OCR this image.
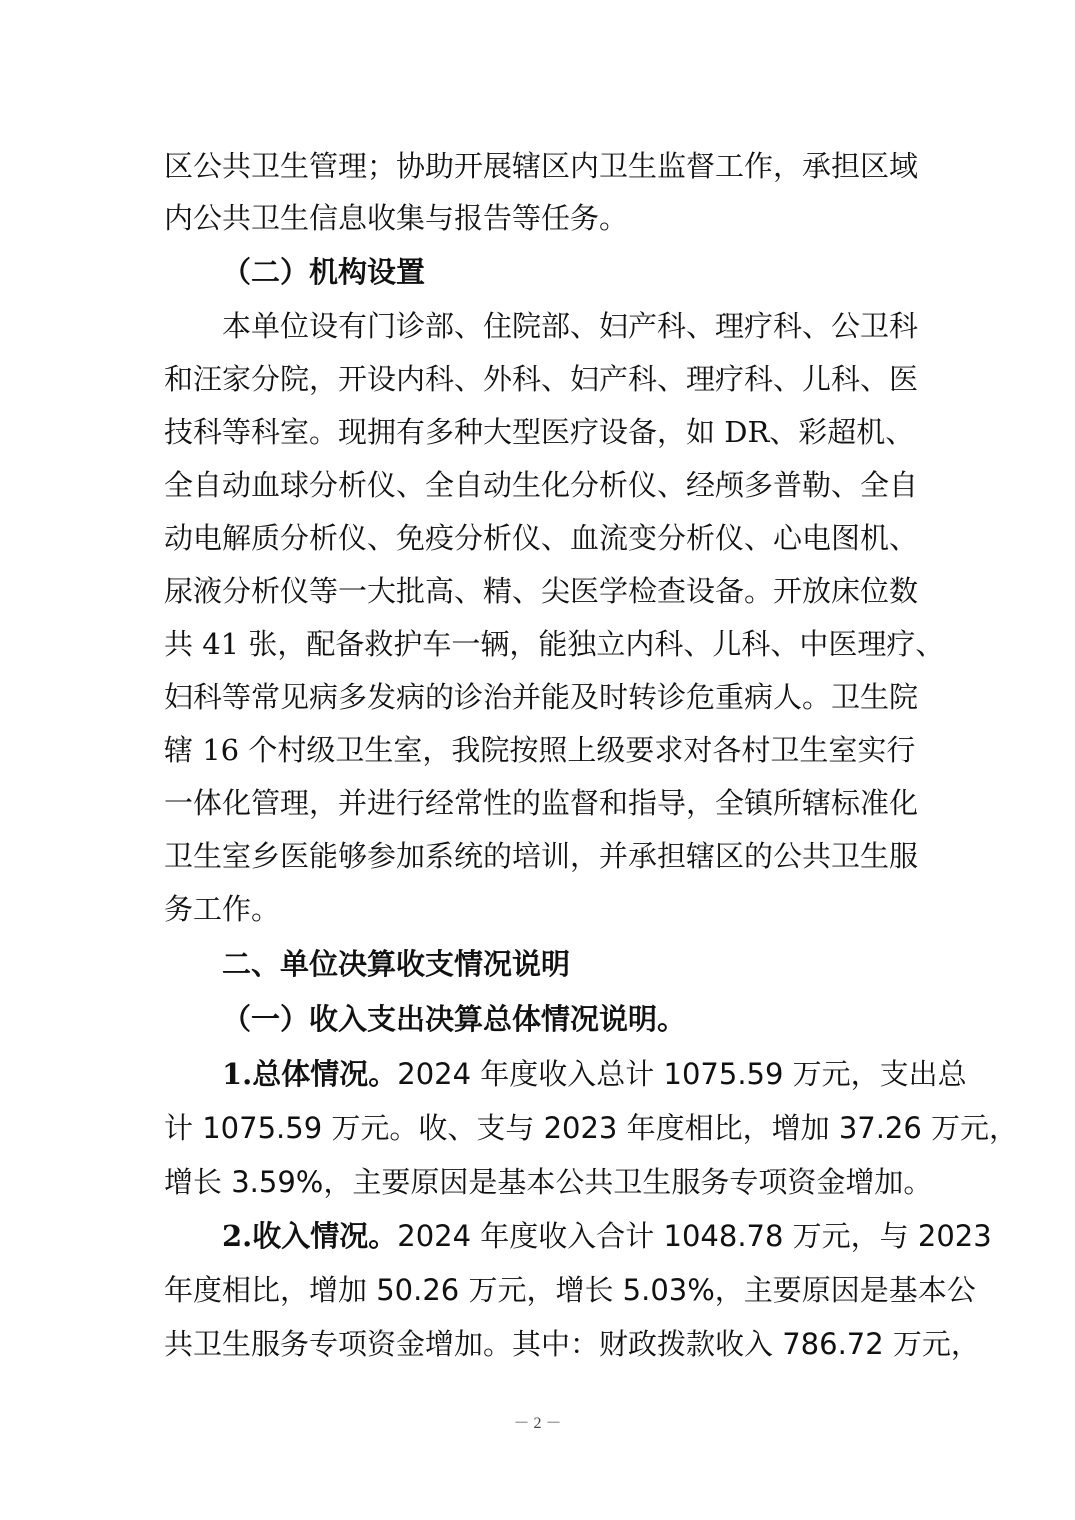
区公共卫生管理；协助开展辖区内卫生监督工作，承担区域
内公共卫生信息收集与报告等任务。
（二）机构设置
本单位设有门诊部、住院部、妇产科、理疗科、公卫科
和汪家分院，开设内科、外科、妇产科、理疗科、儿科、医
技科等科室。现拥有多种大型医疗设备，如 DR、彩超机、
全自动血球分析仪、全自动生化分析仪、经颅多普勒、全自
动电解质分析仪、免疫分析仪、血流变分析仪、心电图机、
尿液分析仪等一大批高、精、尖医学检查设备。开放床位数
共 41 张，配备救护车一辆，能独立内科、儿科、中医理疗、
妇科等常见病多发病的诊治并能及时转诊危重病人。卫生院
辖 16 个村级卫生室，我院按照上级要求对各村卫生室实行
一体化管理，并进行经常性的监督和指导，全镇所辖标准化
卫生室乡医能够参加系统的培训，并承担辖区的公共卫生服
务工作。
二、单位决算收支情况说明
（一）收入支出决算总体情况说明。
1.总体情况。2024 年度收入总计 1075.59 万元，支出总
计 1075.59 万元。收、支与 2023 年度相比，增加 37.26 万元，
增长 3.59%，主要原因是基本公共卫生服务专项资金增加。
2.收入情况。2024 年度收入合计 1048.78 万元，与 2023
年度相比，增加 50.26 万元，增长 5.03%，主要原因是基本公
共卫生服务专项资金增加。其中：财政拨款收入 786.72 万元，
－ 2 －
